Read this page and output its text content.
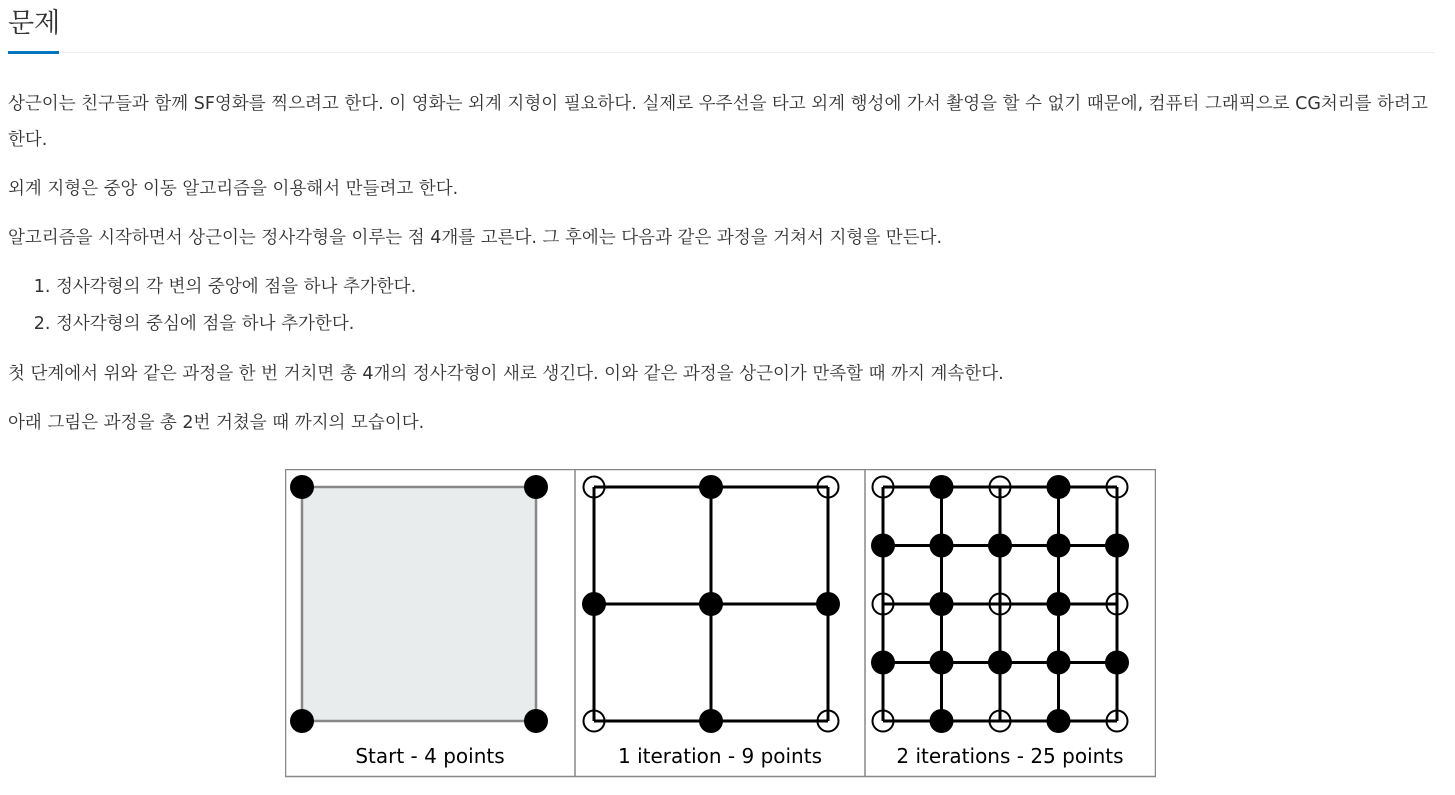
문제

상근이는 친구들과 함께 SF영화를 찍으려고 한다. 이 영화는 외계 지형이 필요하다. 실제로 우주선을 타고 외계 행성에 가서 촬영을 할 수 없기 때문에, 컴퓨터 그래픽으로 CG처리를 하려고 한다.

외계 지형은 중앙 이동 알고리즘을 이용해서 만들려고 한다.

알고리즘을 시작하면서 상근이는 정사각형을 이루는 점 4개를 고른다. 그 후에는 다음과 같은 과정을 거쳐서 지형을 만든다.

1. 정사각형의 각 변의 중앙에 점을 하나 추가한다.
2. 정사각형의 중심에 점을 하나 추가한다.

첫 단계에서 위와 같은 과정을 한 번 거치면 총 4개의 정사각형이 새로 생긴다. 이와 같은 과정을 상근이가 만족할 때 까지 계속한다.

아래 그림은 과정을 총 2번 거쳤을 때 까지의 모습이다.

Start - 4 points	1 iteration - 9 points	2 iterations - 25 points
